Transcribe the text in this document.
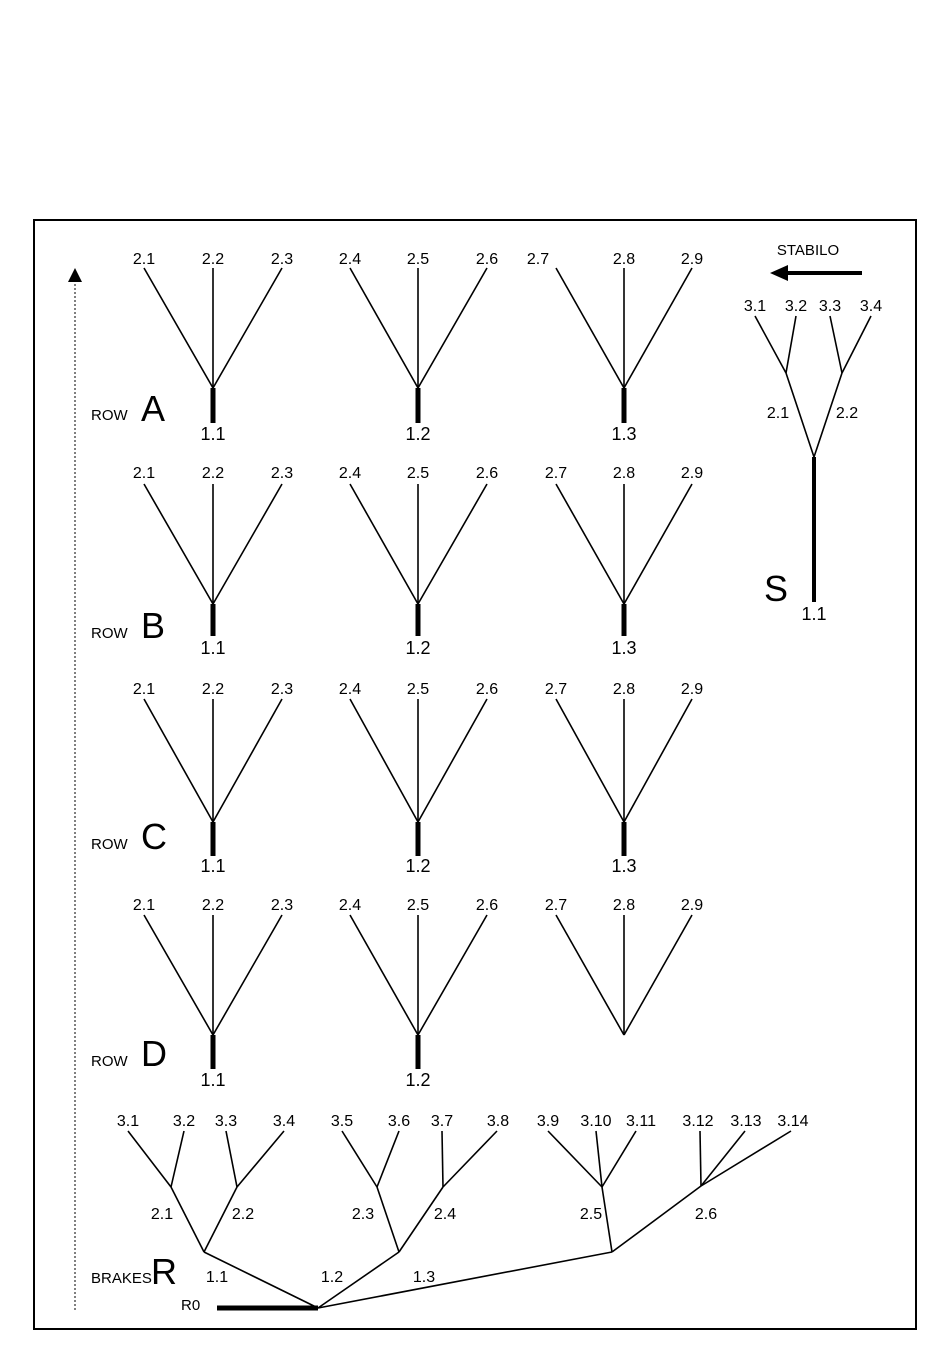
2.1	2.2	2.3
1.1
2.4	2.5	2.6
1.2
2.7	2.8	2.9
1.3
ROW A
2.1	2.2	2.3
1.1
2.4	2.5	2.6
1.2
2.7	2.8	2.9
1.3
ROW B
2.1	2.2	2.3
1.1
2.4	2.5	2.6
1.2
2.7	2.8	2.9
1.3
ROW C
2.1	2.2	2.3
1.1
2.4	2.5	2.6
1.2
2.7	2.8	2.9
ROW D
STABILO
3.1 3.2 3.3 3.4
2.1	2.2
S
1.1
3.1 3.2 3.3 3.4 3.5 3.6 3.7 3.8 3.9 3.10 3.11 3.12 3.13 3.14
2.1	2.2	2.3	2.4	2.5	2.6
1.1	1.2	1.3
R0
BRAKES R
